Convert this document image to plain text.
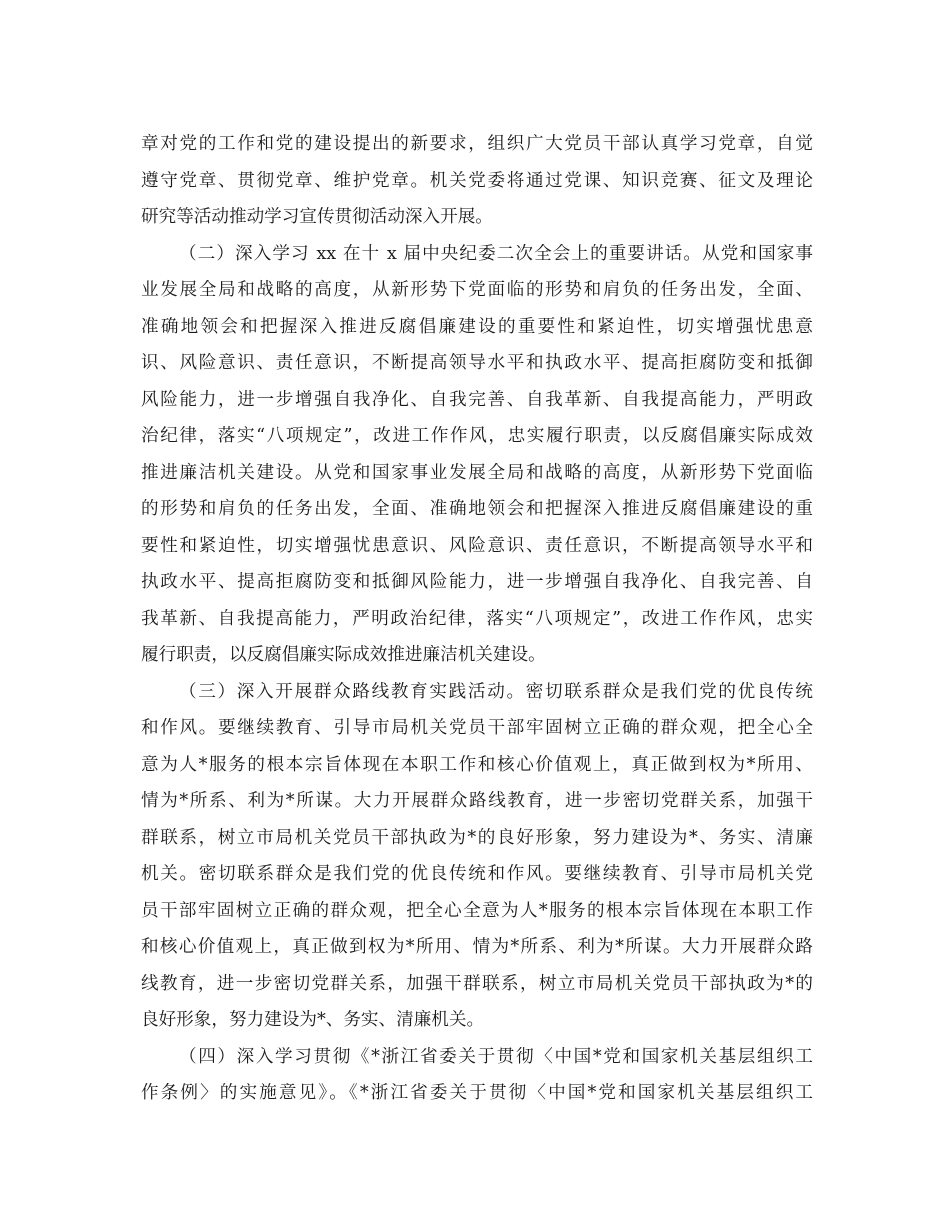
章对党的工作和党的建设提出的新要求，组织广大党员干部认真学习党章，自觉
遵守党章、贯彻党章、维护党章。机关党委将通过党课、知识竞赛、征文及理论
研究等活动推动学习宣传贯彻活动深入开展。
（二）深入学习 xx 在十 x 届中央纪委二次全会上的重要讲话。从党和国家事
业发展全局和战略的高度，从新形势下党面临的形势和肩负的任务出发，全面、
准确地领会和把握深入推进反腐倡廉建设的重要性和紧迫性，切实增强忧患意
识、风险意识、责任意识，不断提高领导水平和执政水平、提高拒腐防变和抵御
风险能力，进一步增强自我净化、自我完善、自我革新、自我提高能力，严明政
治纪律，落实“八项规定”，改进工作作风，忠实履行职责，以反腐倡廉实际成效
推进廉洁机关建设。从党和国家事业发展全局和战略的高度，从新形势下党面临
的形势和肩负的任务出发，全面、准确地领会和把握深入推进反腐倡廉建设的重
要性和紧迫性，切实增强忧患意识、风险意识、责任意识，不断提高领导水平和
执政水平、提高拒腐防变和抵御风险能力，进一步增强自我净化、自我完善、自
我革新、自我提高能力，严明政治纪律，落实“八项规定”，改进工作作风，忠实
履行职责，以反腐倡廉实际成效推进廉洁机关建设。
（三）深入开展群众路线教育实践活动。密切联系群众是我们党的优良传统
和作风。要继续教育、引导市局机关党员干部牢固树立正确的群众观，把全心全
意为人*服务的根本宗旨体现在本职工作和核心价值观上，真正做到权为*所用、
情为*所系、利为*所谋。大力开展群众路线教育，进一步密切党群关系，加强干
群联系，树立市局机关党员干部执政为*的良好形象，努力建设为*、务实、清廉
机关。密切联系群众是我们党的优良传统和作风。要继续教育、引导市局机关党
员干部牢固树立正确的群众观，把全心全意为人*服务的根本宗旨体现在本职工作
和核心价值观上，真正做到权为*所用、情为*所系、利为*所谋。大力开展群众路
线教育，进一步密切党群关系，加强干群联系，树立市局机关党员干部执政为*的
良好形象，努力建设为*、务实、清廉机关。
（四）深入学习贯彻《*浙江省委关于贯彻〈中国*党和国家机关基层组织工
作条例〉的实施意见》。《*浙江省委关于贯彻〈中国*党和国家机关基层组织工
